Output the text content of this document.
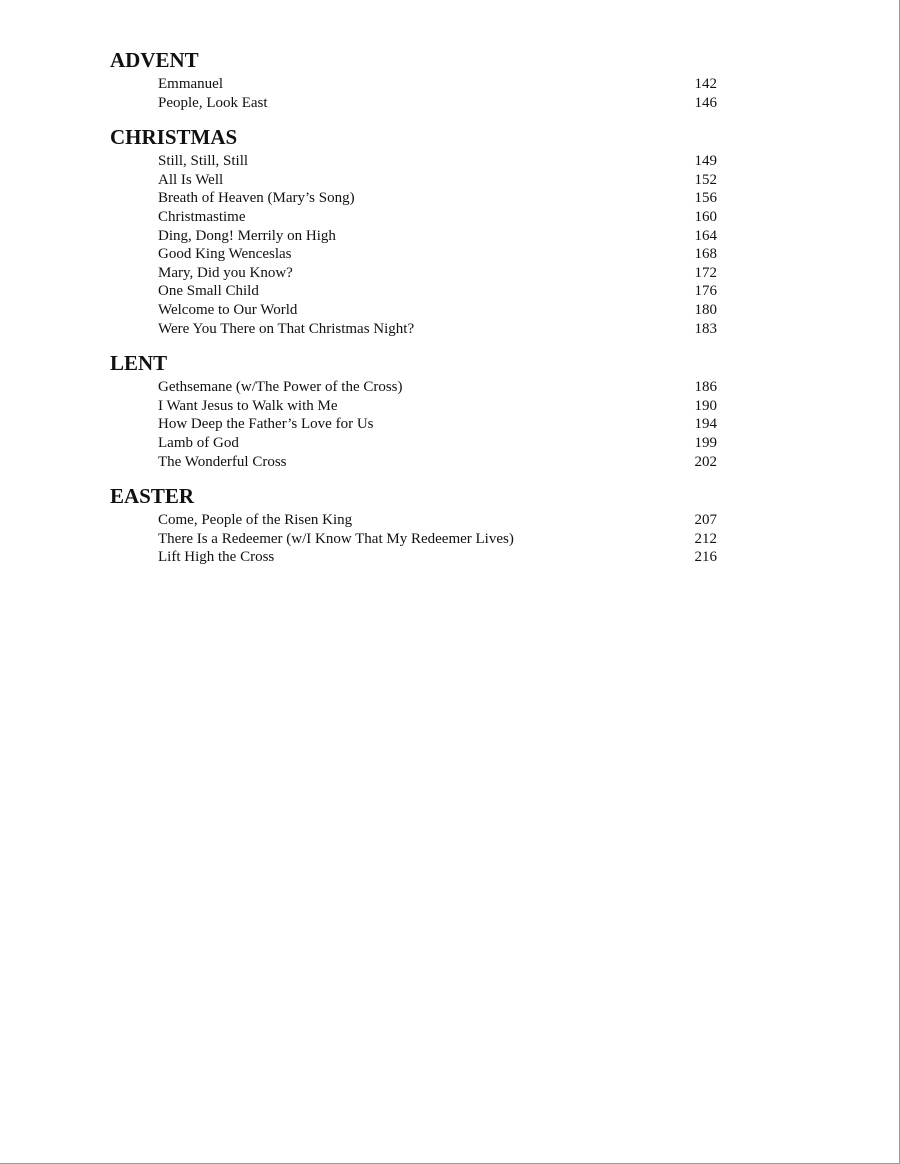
ADVENT
Emmanuel	142
People, Look East	146
CHRISTMAS
Still, Still, Still	149
All Is Well	152
Breath of Heaven (Mary’s Song)	156
Christmastime	160
Ding, Dong! Merrily on High	164
Good King Wenceslas	168
Mary, Did you Know?	172
One Small Child	176
Welcome to Our World	180
Were You There on That Christmas Night?	183
LENT
Gethsemane (w/The Power of the Cross)	186
I Want Jesus to Walk with Me	190
How Deep the Father’s Love for Us	194
Lamb of God	199
The Wonderful Cross	202
EASTER
Come, People of the Risen King	207
There Is a Redeemer (w/I Know That My Redeemer Lives)	212
Lift High the Cross	216
